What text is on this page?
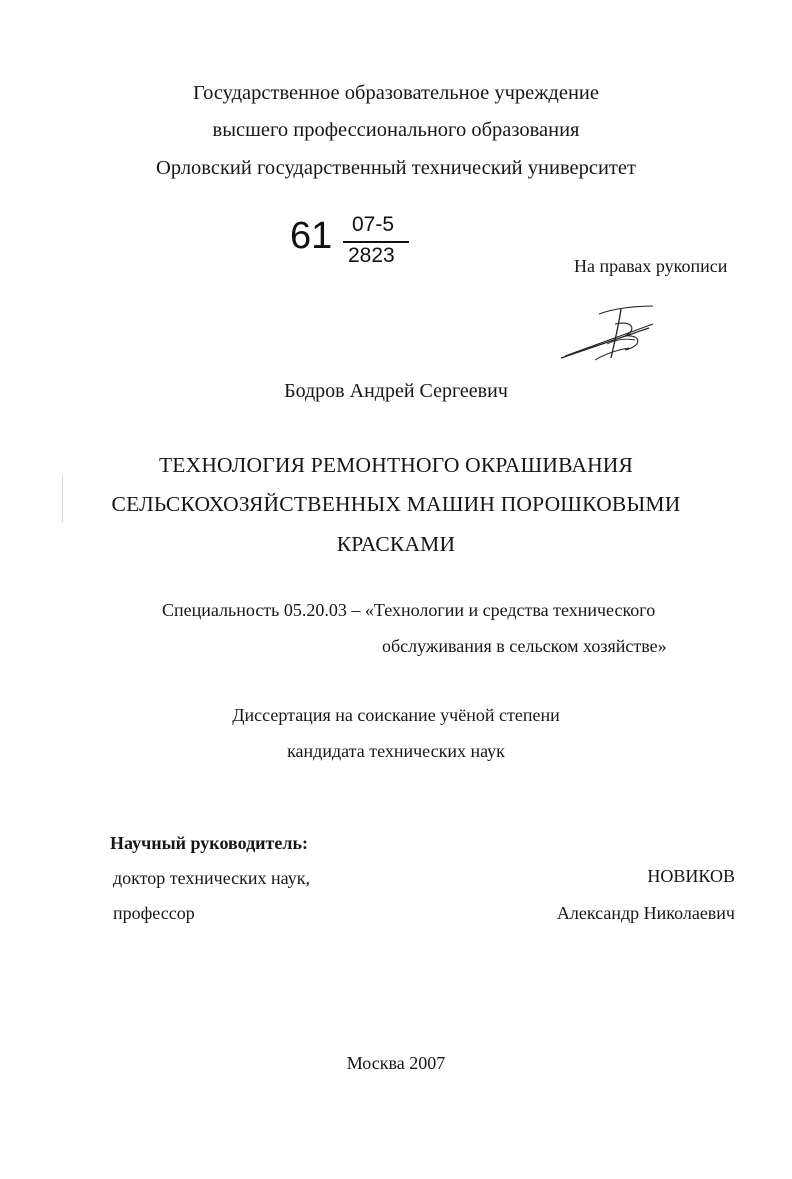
Государственное образовательное учреждение
высшего профессионального образования
Орловский государственный технический университет
61 07-5
2823	На правах рукописи
Бодров Андрей Сергеевич
ТЕХНОЛОГИЯ РЕМОНТНОГО ОКРАШИВАНИЯ
СЕЛЬСКОХОЗЯЙСТВЕННЫХ МАШИН ПОРОШКОВЫМИ
КРАСКАМИ
Специальность 05.20.03 – «Технологии и средства технического
обслуживания в сельском хозяйстве»
Диссертация на соискание учёной степени
кандидата технических наук
Научный руководитель:
доктор технических наук,
профессор
НОВИКОВ
Александр Николаевич
Москва 2007
